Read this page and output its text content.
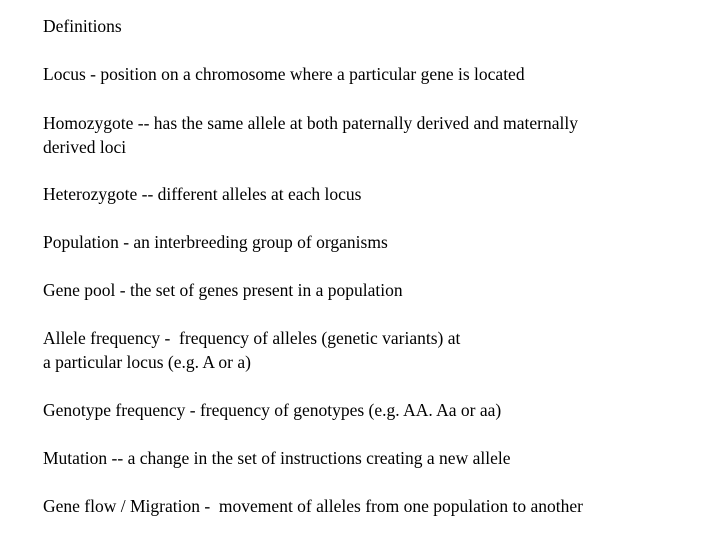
Definitions

Locus - position on a chromosome where a particular gene is located

Homozygote -- has the same allele at both paternally derived and maternally

derived loci

Heterozygote -- different alleles at each locus

Population - an interbreeding group of organisms

Gene pool - the set of genes present in a population

Allele frequency -  frequency of alleles (genetic variants) at

a particular locus (e.g. A or a)

Genotype frequency - frequency of genotypes (e.g. AA. Aa or aa)

Mutation -- a change in the set of instructions creating a new allele

Gene flow / Migration -  movement of alleles from one population to another
